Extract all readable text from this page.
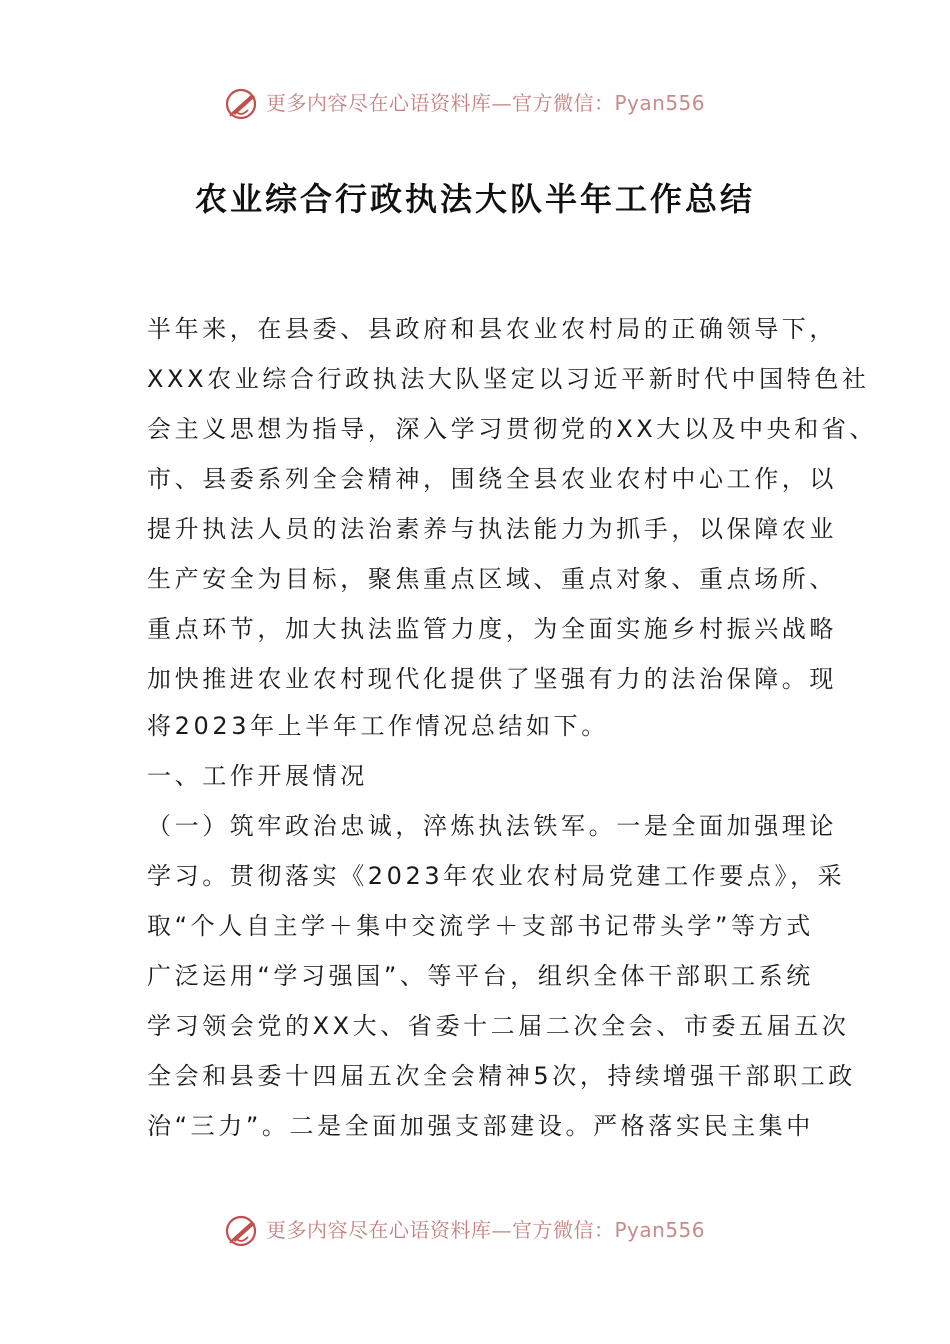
更多内容尽在心语资料库—官方微信：Pyan556
农业综合行政执法大队半年工作总结
半年来，在县委、县政府和县农业农村局的正确领导下，
XXX农业综合行政执法大队坚定以习近平新时代中国特色社
会主义思想为指导，深入学习贯彻党的XX大以及中央和省、
市、县委系列全会精神，围绕全县农业农村中心工作，以
提升执法人员的法治素养与执法能力为抓手，以保障农业
生产安全为目标，聚焦重点区域、重点对象、重点场所、
重点环节，加大执法监管力度，为全面实施乡村振兴战略
加快推进农业农村现代化提供了坚强有力的法治保障。现
将2023年上半年工作情况总结如下。
一、工作开展情况
（一）筑牢政治忠诚，淬炼执法铁军。一是全面加强理论
学习。贯彻落实《2023年农业农村局党建工作要点》，采
取“个人自主学＋集中交流学＋支部书记带头学”等方式
广泛运用“学习强国”、等平台，组织全体干部职工系统
学习领会党的XX大、省委十二届二次全会、市委五届五次
全会和县委十四届五次全会精神5次，持续增强干部职工政
治“三力”。二是全面加强支部建设。严格落实民主集中
更多内容尽在心语资料库—官方微信：Pyan556
